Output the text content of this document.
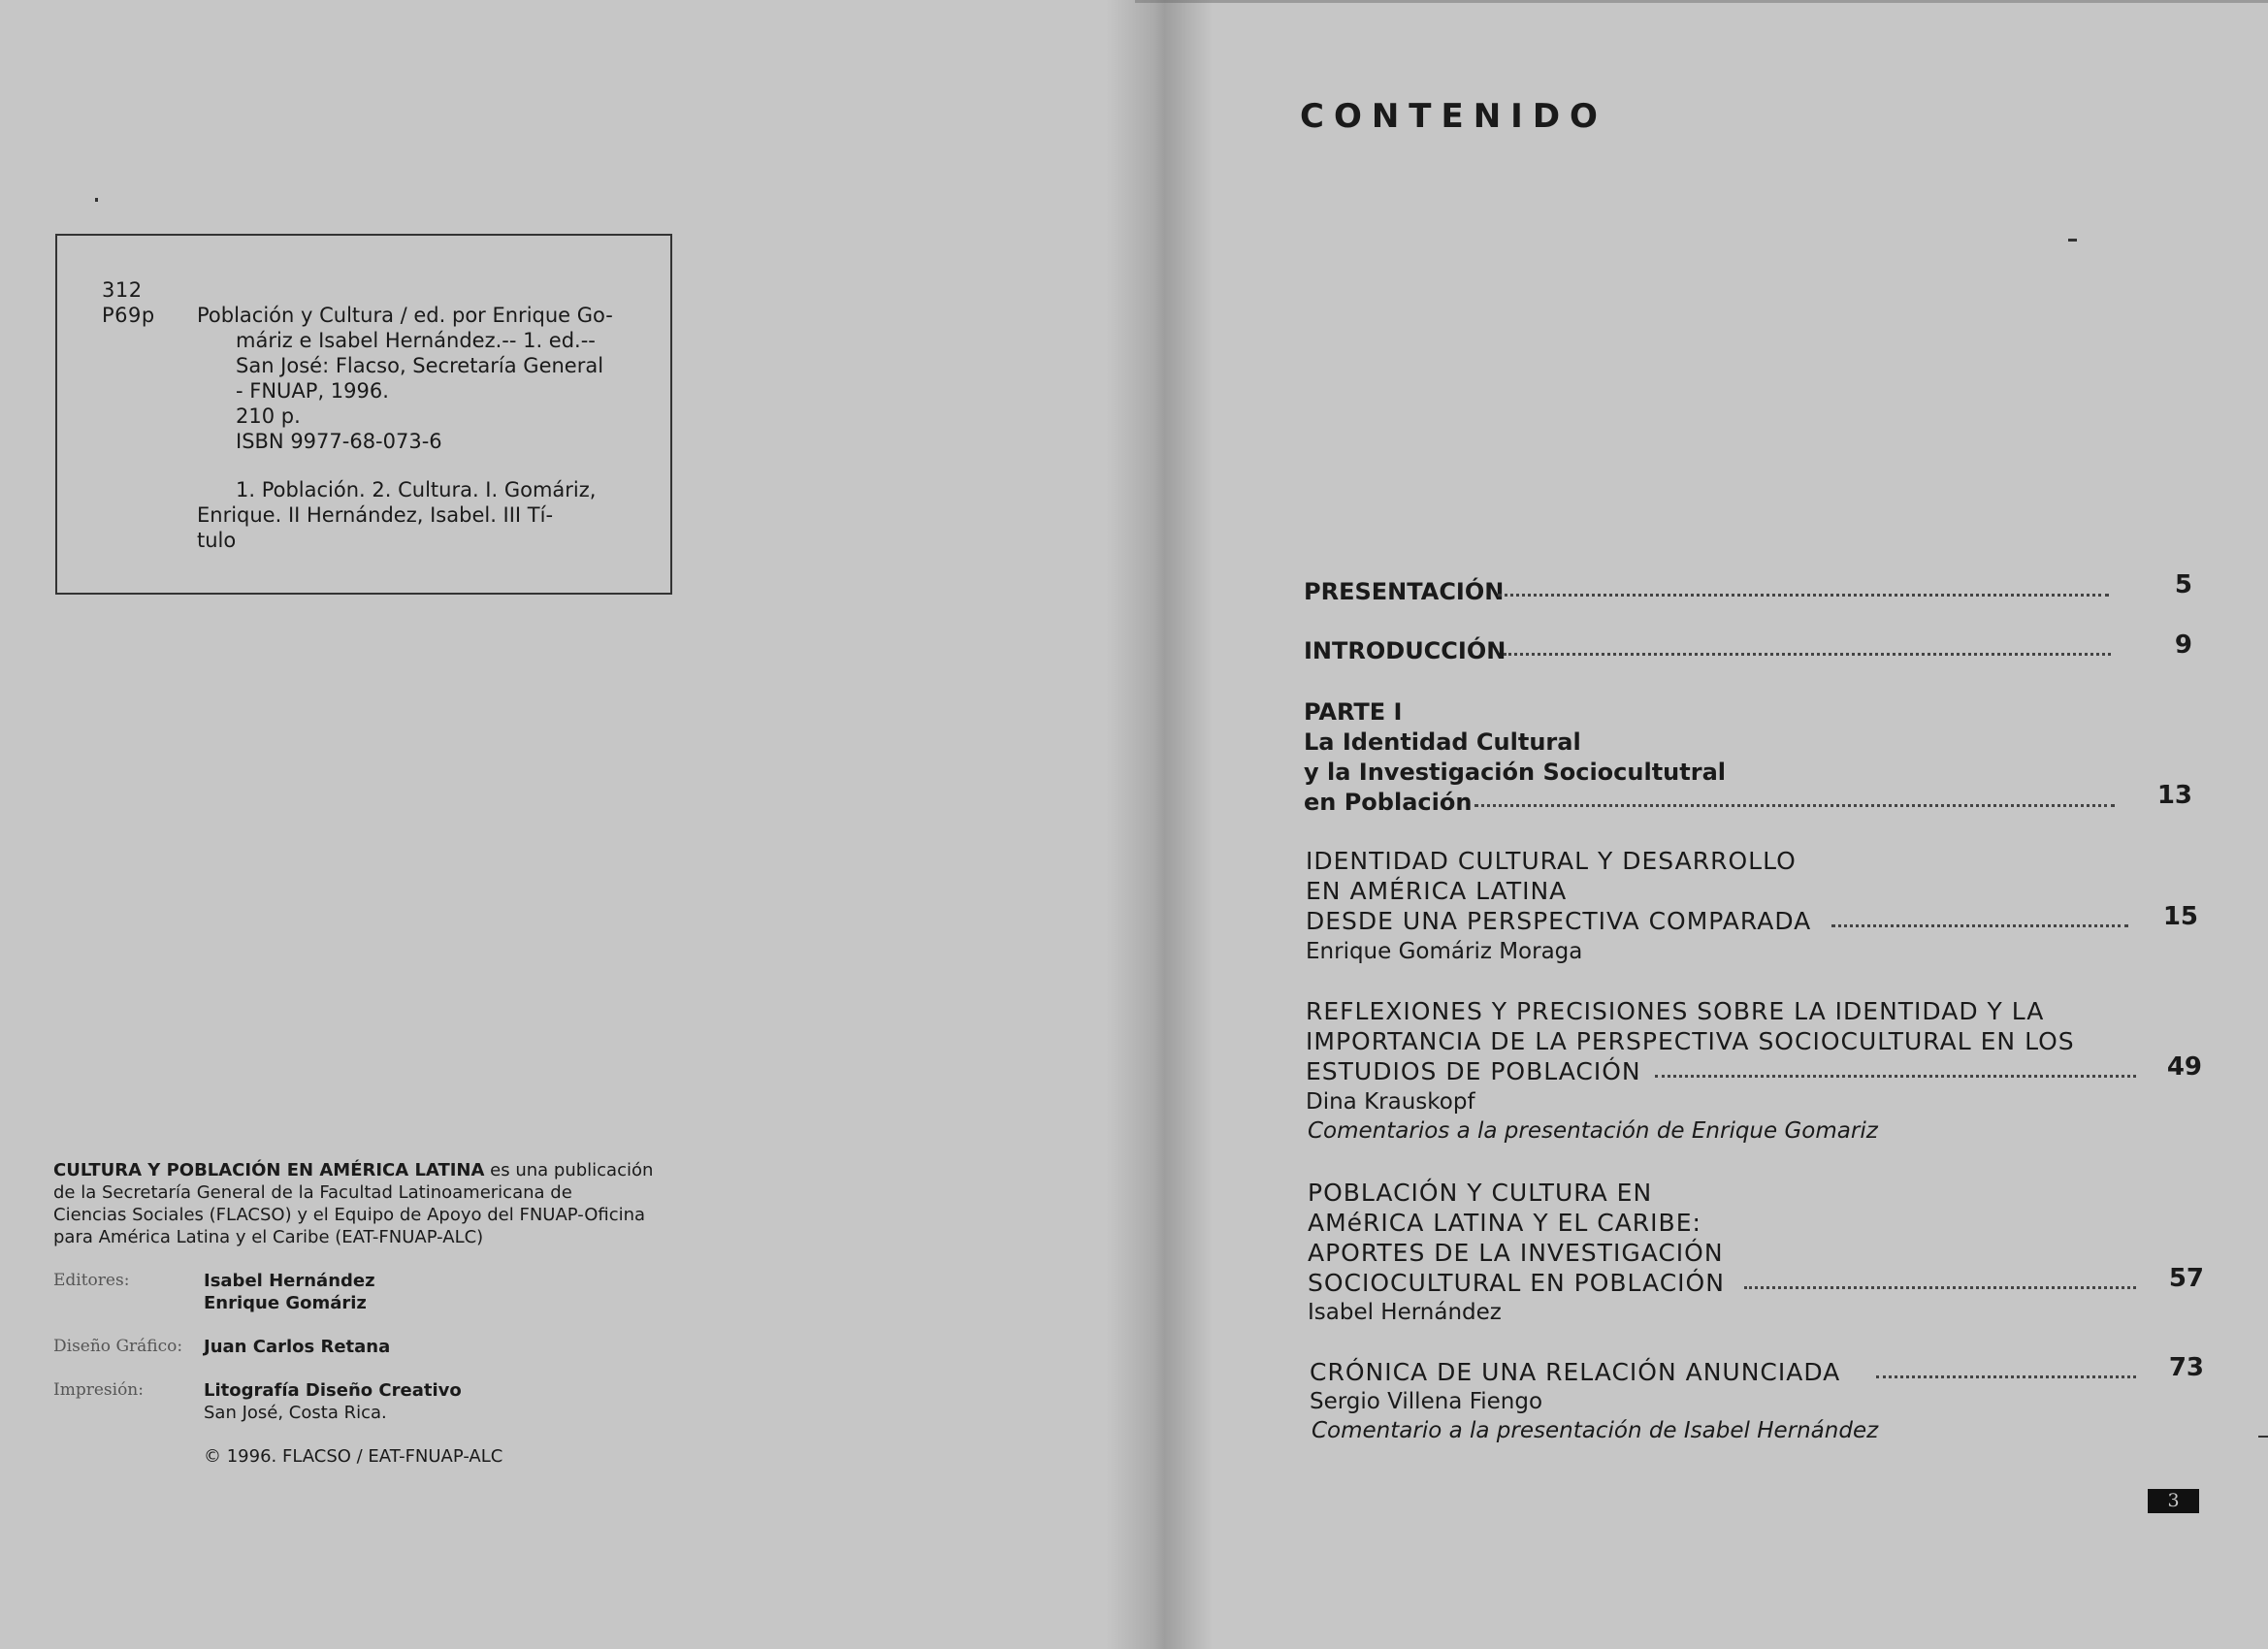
312
P69p Población y Cultura / ed. por Enrique Go-
máriz e Isabel Hernández.-- 1. ed.--
San José: Flacso, Secretaría General
- FNUAP, 1996.
210 p.
ISBN 9977-68-073-6
1. Población. 2. Cultura. I. Gomáriz,
Enrique. II Hernández, Isabel. III Tí-
tulo
CULTURA Y POBLACIÓN EN AMÉRICA LATINA es una publicación
de la Secretaría General de la Facultad Latinoamericana de
Ciencias Sociales (FLACSO) y el Equipo de Apoyo del FNUAP-Oficina
para América Latina y el Caribe (EAT-FNUAP-ALC)
Editores:	Isabel Hernández
Enrique Gomáriz
Diseño Gráfico: Juan Carlos Retana
Impresión:	Litografía Diseño Creativo
San José, Costa Rica.
© 1996. FLACSO / EAT-FNUAP-ALC
CONTENIDO
PRESENTACIÓN	5
INTRODUCCIÓN	9
PARTE I
La Identidad Cultural
y la Investigación Sociocultutral
en Población	13
IDENTIDAD CULTURAL Y DESARROLLO
EN AMÉRICA LATINA
DESDE UNA PERSPECTIVA COMPARADA	15
Enrique Gomáriz Moraga
REFLEXIONES Y PRECISIONES SOBRE LA IDENTIDAD Y LA
IMPORTANCIA DE LA PERSPECTIVA SOCIOCULTURAL EN LOS
ESTUDIOS DE POBLACIÓN	49
Dina Krauskopf
Comentarios a la presentación de Enrique Gomariz
POBLACIÓN Y CULTURA EN
AMéRICA LATINA Y EL CARIBE:
APORTES DE LA INVESTIGACIÓN
SOCIOCULTURAL EN POBLACIÓN	57
Isabel Hernández
CRÓNICA DE UNA RELACIÓN ANUNCIADA	73
Sergio Villena Fiengo
Comentario a la presentación de Isabel Hernández
3
